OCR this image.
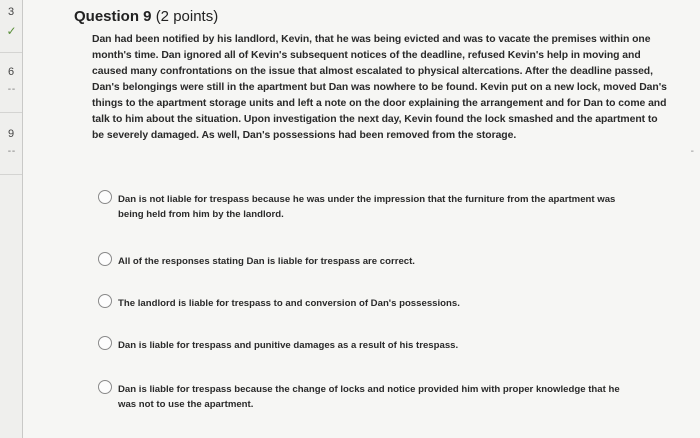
3
✓
6
- -
9
- -
Question 9 (2 points)
Dan had been notified by his landlord, Kevin, that he was being evicted and was to vacate the premises within one month's time. Dan ignored all of Kevin's subsequent notices of the deadline, refused Kevin's help in moving and caused many confrontations on the issue that almost escalated to physical altercations. After the deadline passed, Dan's belongings were still in the apartment but Dan was nowhere to be found. Kevin put on a new lock, moved Dan's things to the apartment storage units and left a note on the door explaining the arrangement and for Dan to come and talk to him about the situation. Upon investigation the next day, Kevin found the lock smashed and the apartment to be severely damaged. As well, Dan's possessions had been removed from the storage.
Dan is not liable for trespass because he was under the impression that the furniture from the apartment was being held from him by the landlord.
All of the responses stating Dan is liable for trespass are correct.
The landlord is liable for trespass to and conversion of Dan's possessions.
Dan is liable for trespass and punitive damages as a result of his trespass.
Dan is liable for trespass because the change of locks and notice provided him with proper knowledge that he was not to use the apartment.
-
